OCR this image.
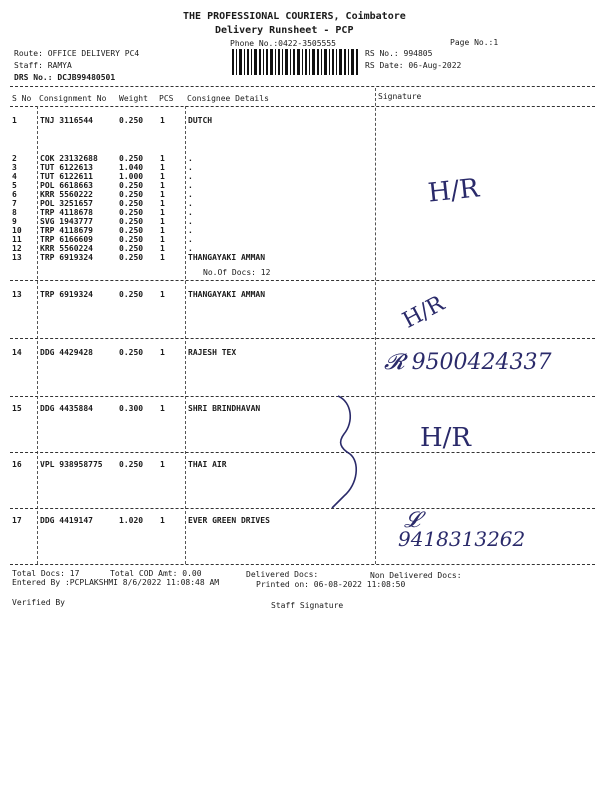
THE PROFESSIONAL COURIERS, Coimbatore
Delivery Runsheet - PCP
Phone No.:0422-3505555	Page No.:1
Route: OFFICE DELIVERY PC4
Staff: RAMYA
DRS No.: DCJB99480501
RS No.: 994805
RS Date: 06-Aug-2022
S No Consignment No Weight PCS Consignee Details	Signature
1	TNJ 3116544	0.250 1	DUTCH
2	COK 23132688	0.250 1	.
3	TUT 6122613	1.040 1	.
4	TUT 6122611	1.000 1	.
5	POL 6618663	0.250 1	.
6	KRR 5560222	0.250 1	.
7	POL 3251657	0.250 1	.
8	TRP 4118678	0.250 1	.
9	SVG 1943777	0.250 1	.
10 TRP 4118679	0.250 1	.
11 TRP 6166609	0.250 1	.
12 KRR 5560224	0.250 1	.
13 TRP 6919324	0.250 1	THANGAYAKI AMMAN
No.Of Docs: 12
Total Docs: 17	Total COD Amt: 0.00	Delivered Docs:	Non Delivered Docs:
Entered By :PCPLAKSHMI 8/6/2022 11:08:48 AM	Printed on: 06-08-2022 11:08:50
Verified By	Staff Signature
H/R
H/R
𝓡 9500424337
H/R
𝓛
9418313262
13 TRP 6919324	0.250 1	THANGAYAKI AMMAN
14 DDG 4429428	0.250 1	RAJESH TEX
15 DDG 4435884	0.300 1	SHRI BRINDHAVAN
16 VPL 938958775 0.250 1	THAI AIR
17 DDG 4419147	1.020 1	EVER GREEN DRIVES
